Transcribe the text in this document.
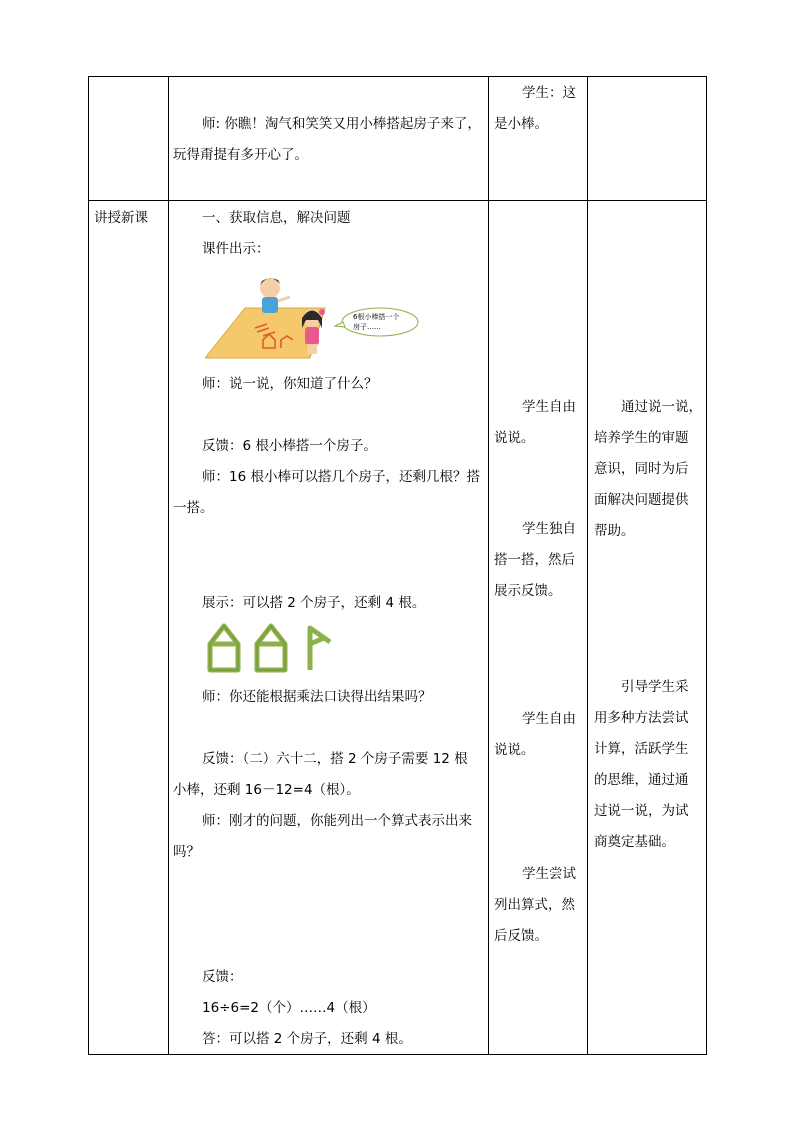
师: 你瞧！淘气和笑笑又用小棒搭起房子来了，
玩得甭提有多开心了。
学生：这
是小棒。
讲授新课	一、获取信息，解决问题
课件出示：
6根小棒搭一个
房子……
师：说一说，你知道了什么？
反馈：6 根小棒搭一个房子。
师：16 根小棒可以搭几个房子，还剩几根？搭
一搭。
展示：可以搭 2 个房子，还剩 4 根。
师：你还能根据乘法口诀得出结果吗？
反馈：（二）六十二，搭 2 个房子需要 12 根
小棒，还剩 16－12=4（根）。
师：刚才的问题，你能列出一个算式表示出来
吗？
反馈：
16÷6=2（个）……4（根）
答：可以搭 2 个房子，还剩 4 根。
学生自由
说说。
学生独自
搭一搭，然后
展示反馈。
学生自由
说说。
学生尝试
列出算式，然
后反馈。
通过说一说，
培养学生的审题
意识，同时为后
面解决问题提供
帮助。
引导学生采
用多种方法尝试
计算，活跃学生
的思维，通过通
过说一说，为试
商奠定基础。
